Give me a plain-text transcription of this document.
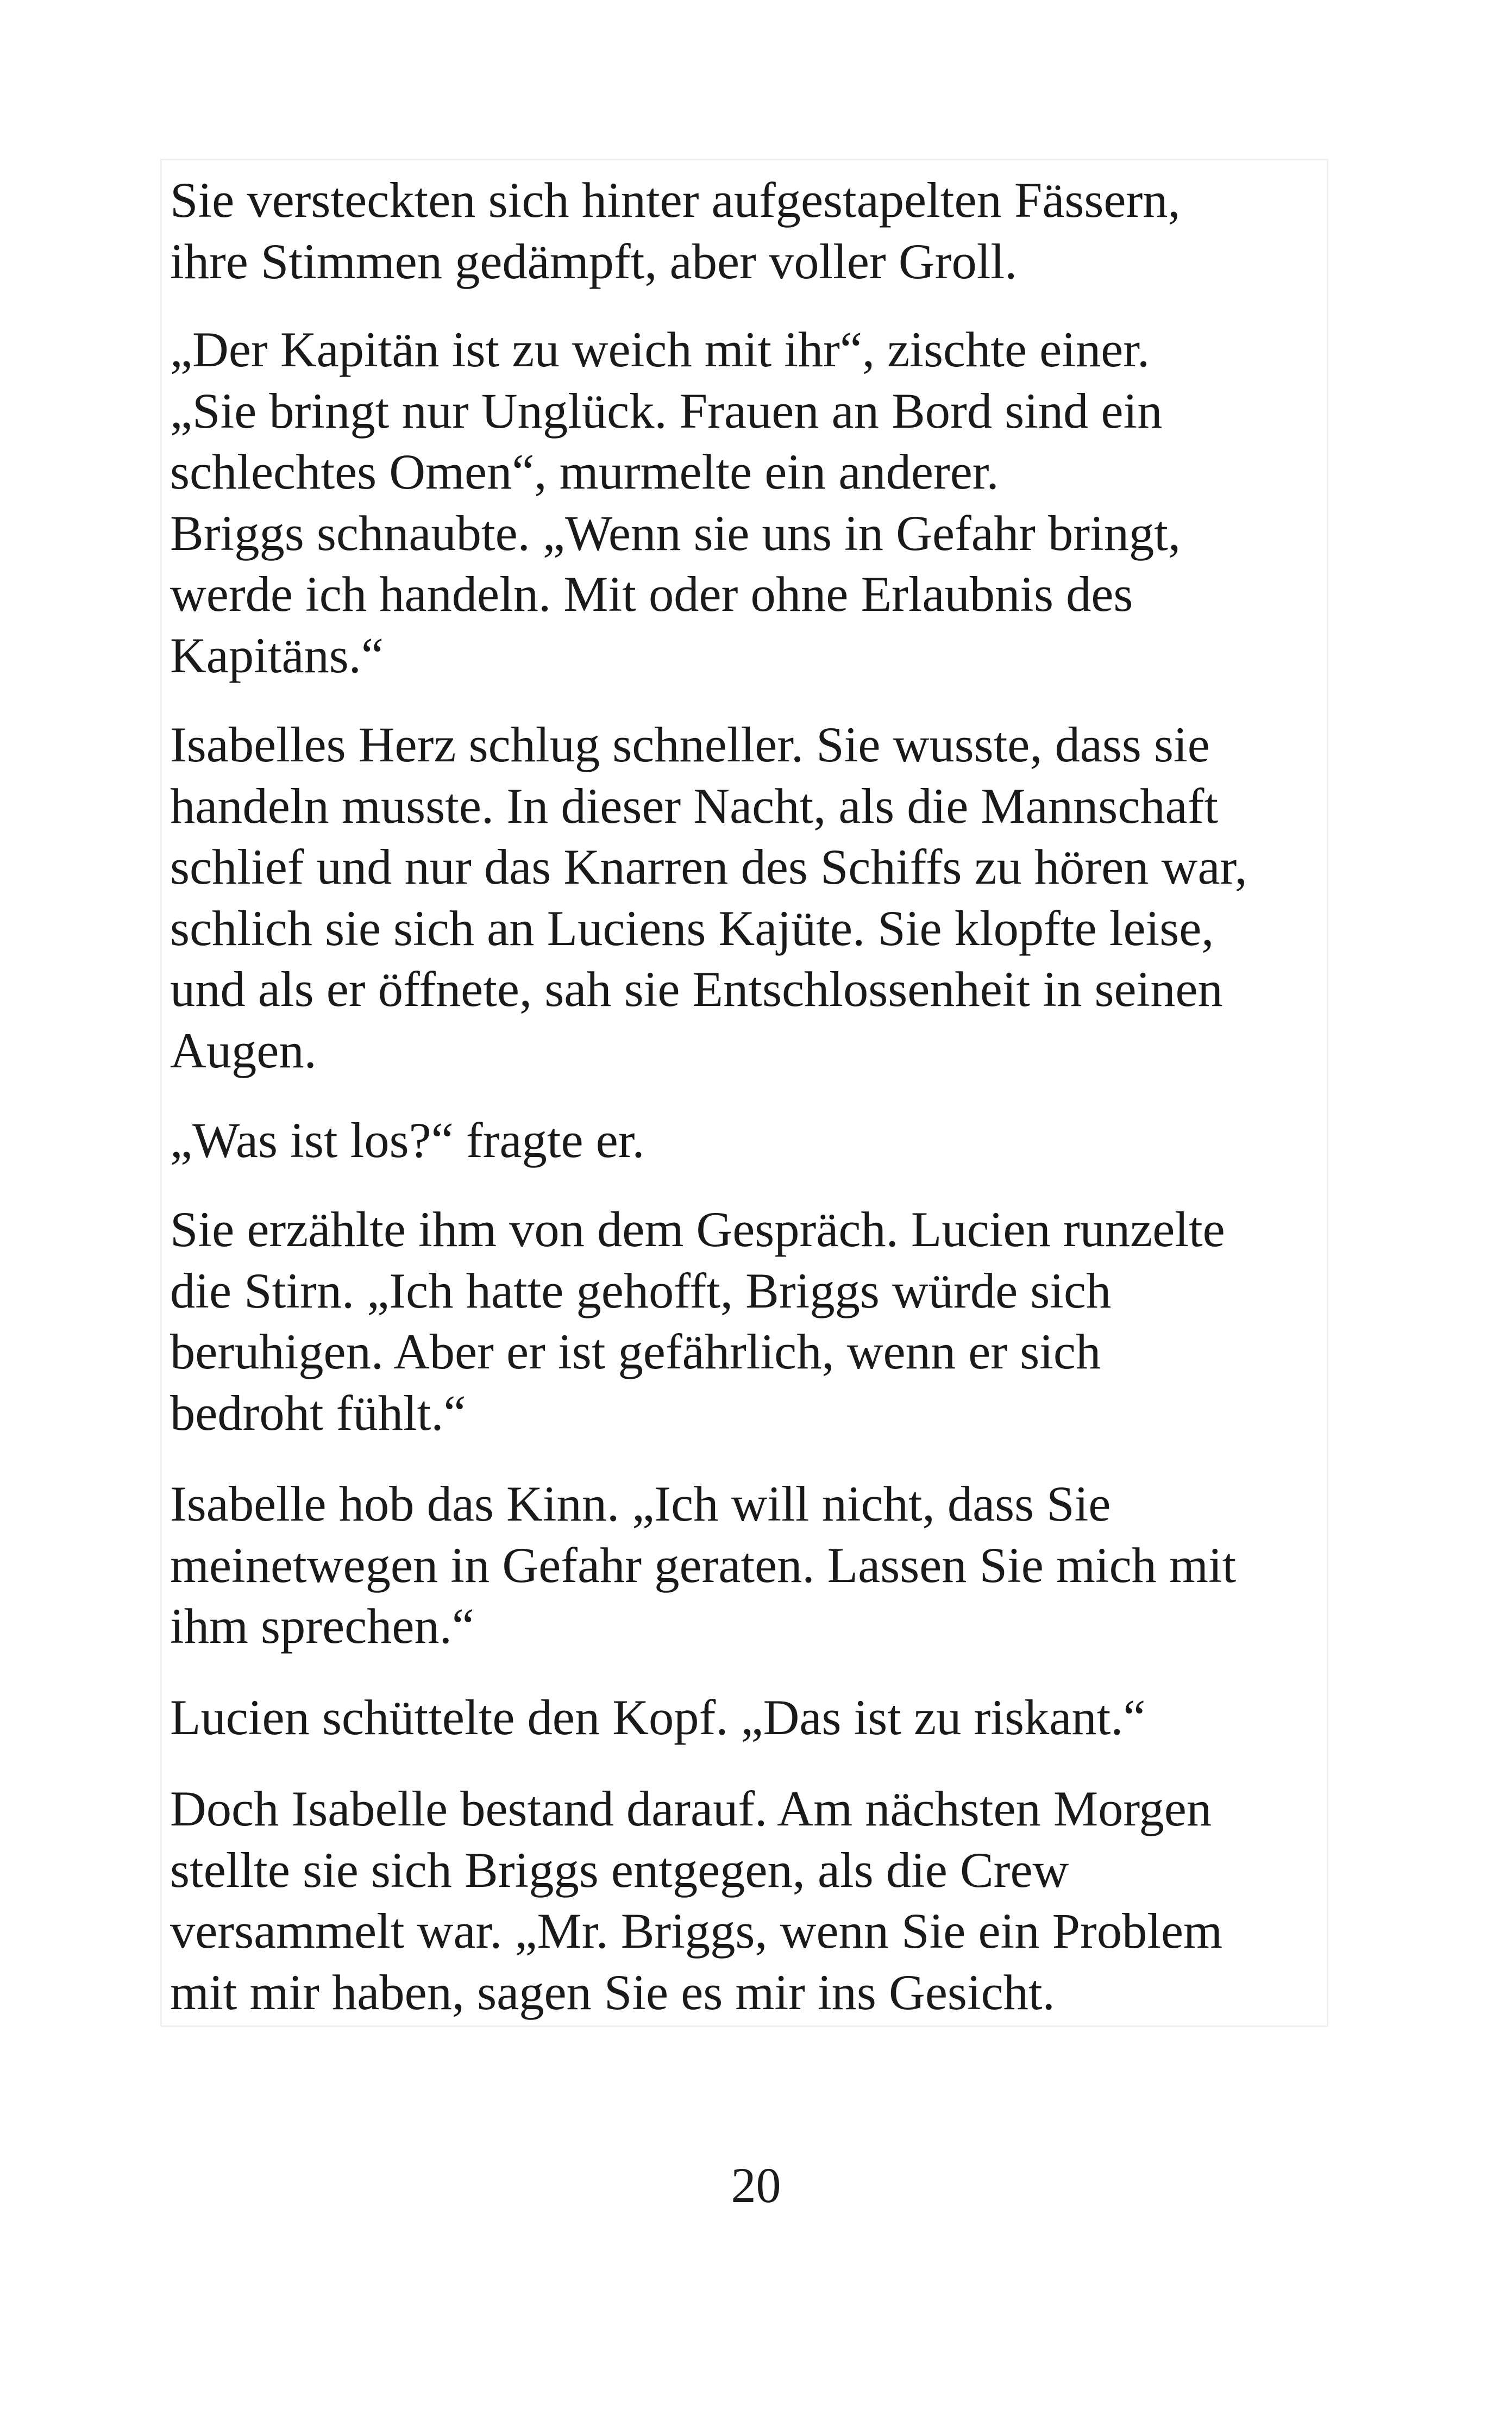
Sie versteckten sich hinter aufgestapelten Fässern,
ihre Stimmen gedämpft, aber voller Groll.

„Der Kapitän ist zu weich mit ihr“, zischte einer.
„Sie bringt nur Unglück. Frauen an Bord sind ein
schlechtes Omen“, murmelte ein anderer.
Briggs schnaubte. „Wenn sie uns in Gefahr bringt,
werde ich handeln. Mit oder ohne Erlaubnis des
Kapitäns.“

Isabelles Herz schlug schneller. Sie wusste, dass sie
handeln musste. In dieser Nacht, als die Mannschaft
schlief und nur das Knarren des Schiffs zu hören war,
schlich sie sich an Luciens Kajüte. Sie klopfte leise,
und als er öffnete, sah sie Entschlossenheit in seinen
Augen.

„Was ist los?“ fragte er.

Sie erzählte ihm von dem Gespräch. Lucien runzelte
die Stirn. „Ich hatte gehofft, Briggs würde sich
beruhigen. Aber er ist gefährlich, wenn er sich
bedroht fühlt.“

Isabelle hob das Kinn. „Ich will nicht, dass Sie
meinetwegen in Gefahr geraten. Lassen Sie mich mit
ihm sprechen.“

Lucien schüttelte den Kopf. „Das ist zu riskant.“

Doch Isabelle bestand darauf. Am nächsten Morgen
stellte sie sich Briggs entgegen, als die Crew
versammelt war. „Mr. Briggs, wenn Sie ein Problem
mit mir haben, sagen Sie es mir ins Gesicht.

20
